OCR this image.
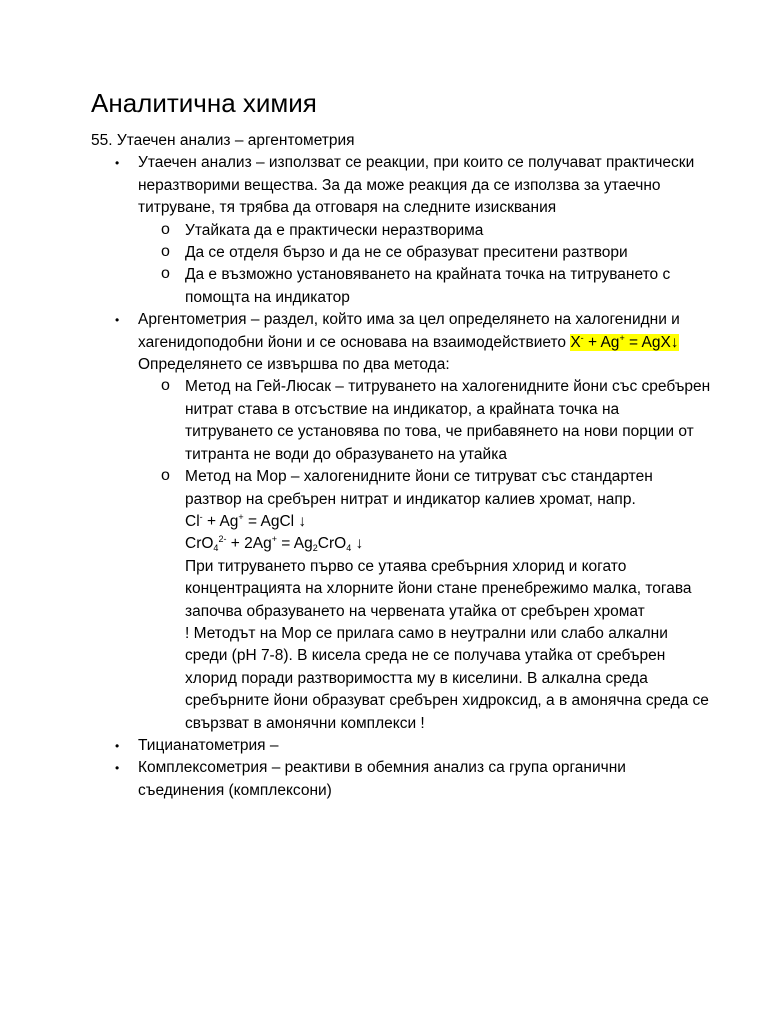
Аналитична химия

55. Утаечен анализ – аргентометрия

• Утаечен анализ – използват се реакции, при които се получават практически неразтворими вещества. За да може реакция да се използва за утаечно титруване, тя трябва да отговаря на следните изисквания
o Утайката да е практически неразтворима
o Да се отделя бързо и да не се образуват преситени разтвори
o Да е възможно установяването на крайната точка на титруването с помощта на индикатор
• Аргентометрия – раздел, който има за цел определянето на халогенидни и хагенидоподобни йони и се основава на взаимодействието X- + Ag+ = AgX↓

Определянето се извършва по два метода:

o Метод на Гей-Люсак – титруването на халогенидните йони със сребърен нитрат става в отсъствие на индикатор, а крайната точка на титруването се установява по това, че прибавянето на нови порции от титранта не води до образуването на утайка
o Метод на Мор – халогенидните йони се титруват със стандартен разтвор на сребърен нитрат и индикатор калиев хромат, напр.

Cl- + Ag+ = AgCl ↓

$CrO_4^{2-} + 2Ag^+ = Ag_2CrO_4$ ↓

При титруването първо се утаява сребърния хлорид и когато концентрацията на хлорните йони стане пренебрежимо малка, тогава започва образуването на червената утайка от сребърен хромат

! Методът на Мор се прилага само в неутрални или слабо алкални среди (pH 7-8). В кисела среда не се получава утайка от сребърен хлорид поради разтворимостта му в киселини. В алкална среда сребърните йони образуват сребърен хидроксид, а в амонячна среда се свързват в амонячни комплекси !

• Тицианатометрия –
• Комплексометрия – реактиви в обемния анализ са група органични съединения (комплексони)
